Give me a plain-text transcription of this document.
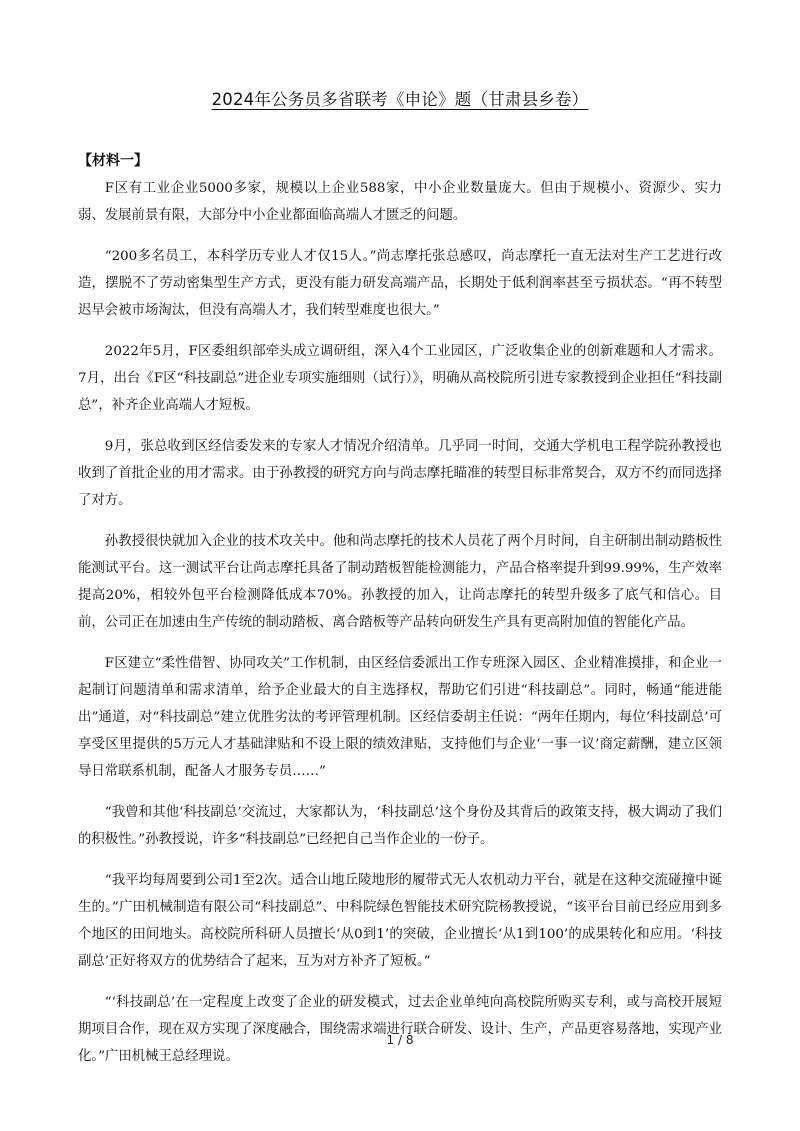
2024年公务员多省联考《申论》题（甘肃县乡卷）
【材料一】

F区有工业企业5000多家，规模以上企业588家，中小企业数量庞大。但由于规模小、资源少、实力弱、发展前景有限，大部分中小企业都面临高端人才匮乏的问题。

“200多名员工，本科学历专业人才仅15人。”尚志摩托张总感叹，尚志摩托一直无法对生产工艺进行改造，摆脱不了劳动密集型生产方式，更没有能力研发高端产品，长期处于低利润率甚至亏损状态。“再不转型迟早会被市场淘汰，但没有高端人才，我们转型难度也很大。”

2022年5月，F区委组织部牵头成立调研组，深入4个工业园区，广泛收集企业的创新难题和人才需求。7月，出台《F区“科技副总”进企业专项实施细则（试行）》，明确从高校院所引进专家教授到企业担任“科技副总”，补齐企业高端人才短板。

9月，张总收到区经信委发来的专家人才情况介绍清单。几乎同一时间，交通大学机电工程学院孙教授也收到了首批企业的用才需求。由于孙教授的研究方向与尚志摩托瞄准的转型目标非常契合，双方不约而同选择了对方。

孙教授很快就加入企业的技术攻关中。他和尚志摩托的技术人员花了两个月时间，自主研制出制动踏板性能测试平台。这一测试平台让尚志摩托具备了制动踏板智能检测能力，产品合格率提升到99.99%，生产效率提高20%，相较外包平台检测降低成本70%。孙教授的加入，让尚志摩托的转型升级多了底气和信心。目前，公司正在加速由生产传统的制动踏板、离合踏板等产品转向研发生产具有更高附加值的智能化产品。

F区建立“柔性借智、协同攻关”工作机制，由区经信委派出工作专班深入园区、企业精准摸排，和企业一起制订问题清单和需求清单，给予企业最大的自主选择权，帮助它们引进“科技副总”。同时，畅通“能进能出”通道，对“科技副总”建立优胜劣汰的考评管理机制。区经信委胡主任说：“两年任期内，每位‘科技副总’可享受区里提供的5万元人才基础津贴和不设上限的绩效津贴，支持他们与企业‘一事一议’商定薪酬，建立区领导日常联系机制，配备人才服务专员……”

“我曾和其他‘科技副总’交流过，大家都认为，‘科技副总’这个身份及其背后的政策支持，极大调动了我们的积极性。”孙教授说，许多“科技副总”已经把自己当作企业的一份子。

“我平均每周要到公司1至2次。适合山地丘陵地形的履带式无人农机动力平台，就是在这种交流碰撞中诞生的。”广田机械制造有限公司“科技副总”、中科院绿色智能技术研究院杨教授说，“该平台目前已经应用到多个地区的田间地头。高校院所科研人员擅长‘从0到1’的突破，企业擅长‘从1到100’的成果转化和应用。‘科技副总’正好将双方的优势结合了起来，互为对方补齐了短板。”

“‘科技副总’在一定程度上改变了企业的研发模式，过去企业单纯向高校院所购买专利，或与高校开展短期项目合作，现在双方实现了深度融合，围绕需求端进行联合研发、设计、生产，产品更容易落地，实现产业化。”广田机械王总经理说。

1 / 8
